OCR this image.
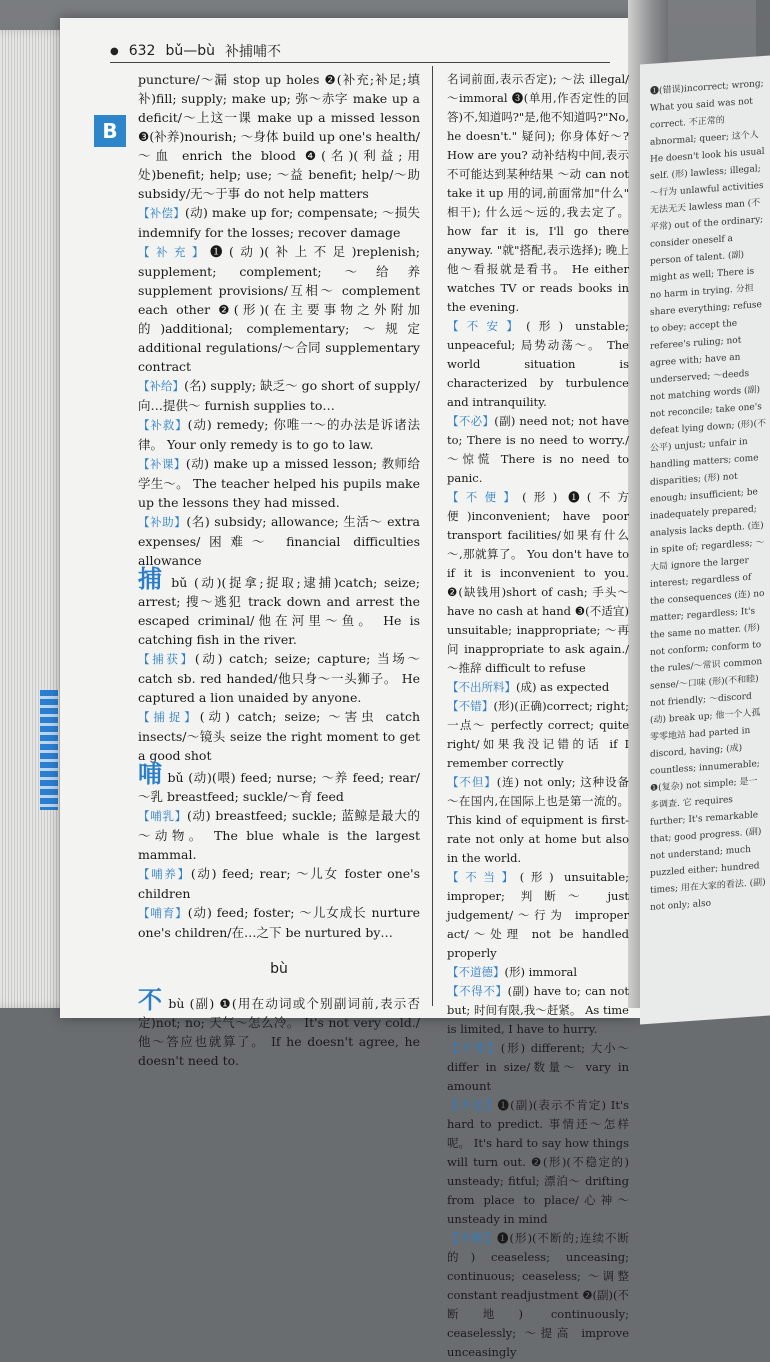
❶(错误)incorrect; wrong; What you said was not correct. 不正常的 abnormal; queer; 这个人 He doesn't look his usual self. (形) lawless; illegal; ～行为 unlawful activities 无法无天 lawless man (不平常) out of the ordinary; consider oneself a person of talent. (副) might as well; There is no harm in trying. 分担 share everything; refuse to obey; accept the referee's ruling; not agree with; have an underserved; ～deeds not matching words (副) not reconcile; take one's defeat lying down; (形)(不公平) unjust; unfair in handling matters; come disparities; (形) not enough; insufficient; be inadequately prepared; analysis lacks depth. (连) in spite of; regardless; ～大局 ignore the larger interest; regardless of the consequences (连) no matter; regardless; It's the same no matter. (形) not conform; conform to the rules/～常识 common sense/～口味 (形)(不和睦) not friendly; ～discord (动) break up; 他一个人孤零零地站 had parted in discord, having; (成) countless; innumerable; ❶(复杂) not simple; 是一多调查. 它 requires further; It's remarkable that; good progress. (副) not understand; much puzzled either; hundred times; 用在大家的看法. (副) not only; also
● 632 bǔ—bù 补捕哺不
B

puncture/～漏 stop up holes ❷(补充;补足;填补)fill; supply; make up; 弥～赤字 make up a deficit/～上这一课 make up a missed lesson ❸(补养)nourish; ～身体 build up one's health/～血 enrich the blood ❹(名)(利益;用处)benefit; help; use; ～益 benefit; help/～助 subsidy/无～于事 do not help matters

【补偿】(动) make up for; compensate; ～损失 indemnify for the losses; recover damage

【补充】❶(动)(补上不足)replenish; supplement; complement; ～给养 supplement provisions/互相～ complement each other ❷(形)(在主要事物之外附加的)additional; complementary; ～规定 additional regulations/～合同 supplementary contract

【补给】(名) supply; 缺乏～ go short of supply/向…提供～ furnish supplies to…

【补救】(动) remedy; 你唯一～的办法是诉诸法律。 Your only remedy is to go to law.

【补课】(动) make up a missed lesson; 教师给学生～。 The teacher helped his pupils make up the lessons they had missed.

【补助】(名) subsidy; allowance; 生活～ extra expenses/困难～ financial difficulties allowance

捕 bǔ (动)(捉拿;捉取;逮捕)catch; seize; arrest; 搜～逃犯 track down and arrest the escaped criminal/他在河里～鱼。 He is catching fish in the river.

【捕获】(动) catch; seize; capture; 当场～ catch sb. red handed/他只身～一头狮子。 He captured a lion unaided by anyone.

【捕捉】(动) catch; seize; ～害虫 catch insects/～镜头 seize the right moment to get a good shot

哺 bǔ (动)(喂) feed; nurse; ～养 feed; rear/～乳 breastfeed; suckle/～育 feed

【哺乳】(动) breastfeed; suckle; 蓝鲸是最大的～动物。 The blue whale is the largest mammal.

【哺养】(动) feed; rear; ～儿女 foster one's children

【哺育】(动) feed; foster; ～儿女成长 nurture one's children/在…之下 be nurtured by…

bù

不 bù (副) ❶(用在动词或个别副词前,表示否定)not; no; 天气～怎么冷。 It's not very cold./他～答应也就算了。 If he doesn't agree, he doesn't need to.

名词前面,表示否定); ～法 illegal/～immoral ❸(单用,作否定性的回答)不,知道吗?"是,他不知道吗?"No, he doesn't." 疑问); 你身体好～? How are you? 动补结构中间,表示不可能达到某种结果 ～动 can not take it up 用的词,前面常加"什么" 相干); 什么远～远的,我去定了。 how far it is, I'll go there anyway. "就"搭配,表示选择); 晚上他～看报就是看书。 He either watches TV or reads books in the evening.

【不安】(形) unstable; unpeaceful; 局势动荡～。 The world situation is characterized by turbulence and intranquility.

【不必】(副) need not; not have to; There is no need to worry./～惊慌 There is no need to panic.

【不便】(形) ❶(不方便)inconvenient; have poor transport facilities/如果有什么～,那就算了。 You don't have to if it is inconvenient to you. ❷(缺钱用)short of cash; 手头～ have no cash at hand ❸(不适宜) unsuitable; inappropriate; ～再问 inappropriate to ask again./～推辞 difficult to refuse

【不出所料】(成) as expected

【不错】(形)(正确)correct; right; 一点～ perfectly correct; quite right/如果我没记错的话 if I remember correctly

【不但】(连) not only; 这种设备～在国内,在国际上也是第一流的。 This kind of equipment is first-rate not only at home but also in the world.

【不当】(形) unsuitable; improper; 判断～ just judgement/～行为 improper act/～处理 not be handled properly

【不道德】(形) immoral

【不得不】(副) have to; can not but; 时间有限,我～赶紧。 As time is limited, I have to hurry.

【不等】(形) different; 大小～ differ in size/数量～ vary in amount

【不定】❶(副)(表示不肯定) It's hard to predict. 事情还～怎样呢。 It's hard to say how things will turn out. ❷(形)(不稳定的) unsteady; fitful; 漂泊～ drifting from place to place/心神～ unsteady in mind

【不断】❶(形)(不断的;连续不断的) ceaseless; unceasing; continuous; ceaseless; ～调整 constant readjustment ❷(副)(不断地) continuously; ceaselessly; ～提高 improve unceasingly
